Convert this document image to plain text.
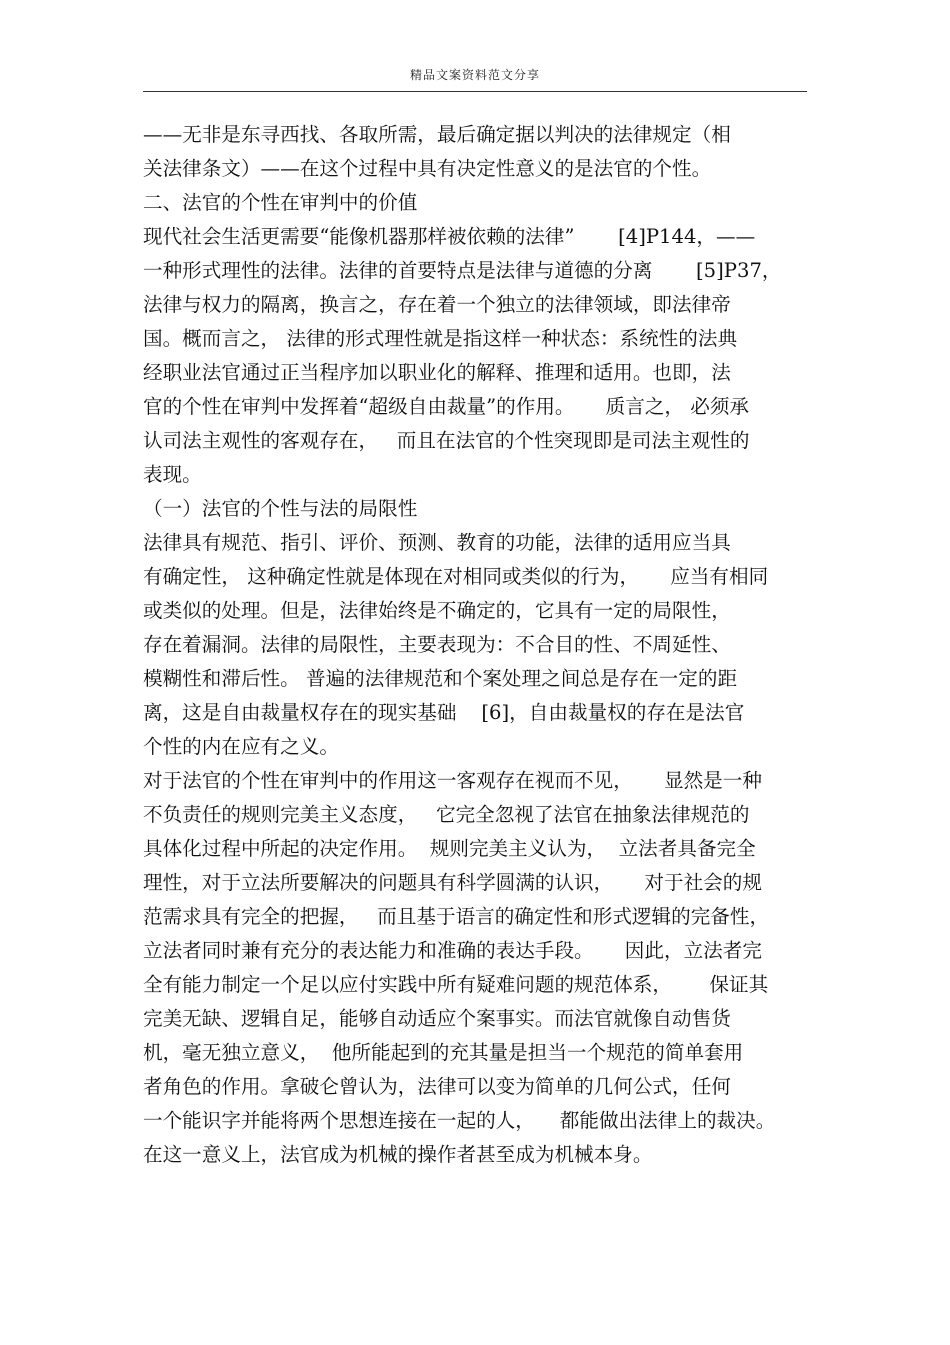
精品文案资料范文分享
——无非是东寻西找、各取所需，最后确定据以判决的法律规定（相
关法律条文）——在这个过程中具有决定性意义的是法官的个性。
二、法官的个性在审判中的价值
现代社会生活更需要“能像机器那样被依赖的法律”       [4]P144，——
一种形式理性的法律。法律的首要特点是法律与道德的分离       [5]P37，
法律与权力的隔离，换言之，存在着一个独立的法律领域，即法律帝
国。概而言之， 法律的形式理性就是指这样一种状态：系统性的法典
经职业法官通过正当程序加以职业化的解释、推理和适用。也即，法
官的个性在审判中发挥着“超级自由裁量”的作用。     质言之， 必须承
认司法主观性的客观存在，   而且在法官的个性突现即是司法主观性的
表现。
（一）法官的个性与法的局限性
法律具有规范、指引、评价、预测、教育的功能，法律的适用应当具
有确定性， 这种确定性就是体现在对相同或类似的行为，     应当有相同
或类似的处理。但是，法律始终是不确定的，它具有一定的局限性，
存在着漏洞。法律的局限性，主要表现为：不合目的性、不周延性、
模糊性和滞后性。 普遍的法律规范和个案处理之间总是存在一定的距
离，这是自由裁量权存在的现实基础    [6]，自由裁量权的存在是法官
个性的内在应有之义。
对于法官的个性在审判中的作用这一客观存在视而不见，     显然是一种
不负责任的规则完美主义态度，   它完全忽视了法官在抽象法律规范的
具体化过程中所起的决定作用。  规则完美主义认为，  立法者具备完全
理性，对于立法所要解决的问题具有科学圆满的认识，     对于社会的规
范需求具有完全的把握，   而且基于语言的确定性和形式逻辑的完备性，
立法者同时兼有充分的表达能力和准确的表达手段。     因此，立法者完
全有能力制定一个足以应付实践中所有疑难问题的规范体系，      保证其
完美无缺、逻辑自足，能够自动适应个案事实。而法官就像自动售货
机，毫无独立意义，  他所能起到的充其量是担当一个规范的简单套用
者角色的作用。拿破仑曾认为，法律可以变为简单的几何公式，任何
一个能识字并能将两个思想连接在一起的人，    都能做出法律上的裁决。
在这一意义上，法官成为机械的操作者甚至成为机械本身。
